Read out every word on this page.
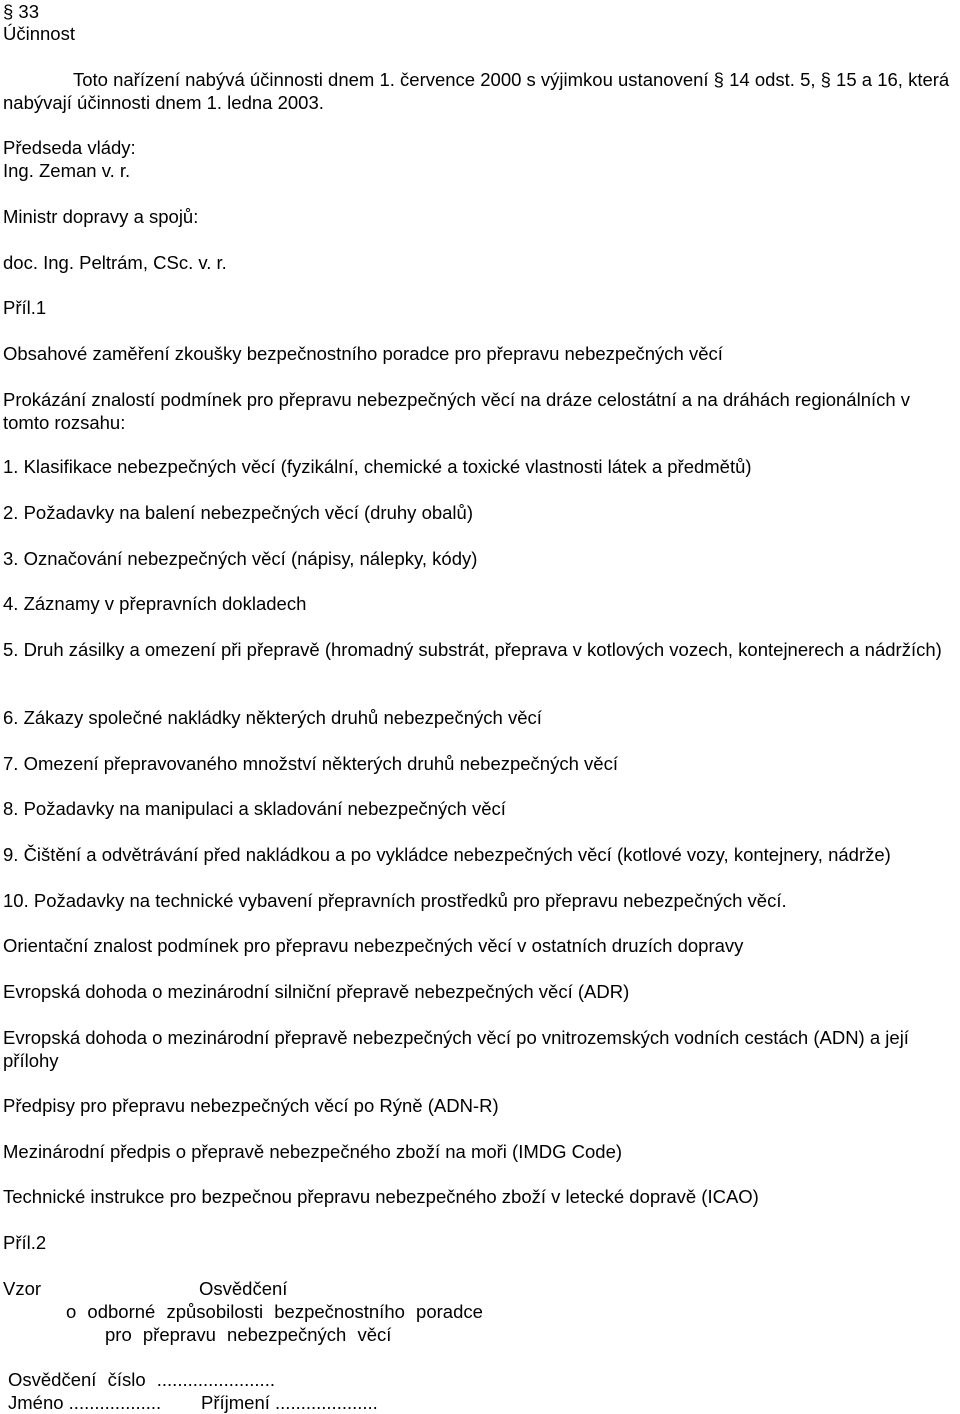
§ 33
Účinnost
Toto nařízení nabývá účinnosti dnem 1. července 2000 s výjimkou ustanovení § 14 odst. 5, § 15 a 16, která nabývají účinnosti dnem 1. ledna 2003.
Předseda vlády:
Ing. Zeman v. r.
Ministr dopravy a spojů:
doc. Ing. Peltrám, CSc. v. r.
Příl.1
Obsahové zaměření zkoušky bezpečnostního poradce pro přepravu nebezpečných věcí
Prokázání znalostí podmínek pro přepravu nebezpečných věcí na dráze celostátní a na dráhách regionálních v tomto rozsahu:
1. Klasifikace nebezpečných věcí (fyzikální, chemické a toxické vlastnosti látek a předmětů)
2. Požadavky na balení nebezpečných věcí (druhy obalů)
3. Označování nebezpečných věcí (nápisy, nálepky, kódy)
4. Záznamy v přepravních dokladech
5. Druh zásilky a omezení při přepravě (hromadný substrát, přeprava v kotlových vozech, kontejnerech a nádržích)
6. Zákazy společné nakládky některých druhů nebezpečných věcí
7. Omezení přepravovaného množství některých druhů nebezpečných věcí
8. Požadavky na manipulaci a skladování nebezpečných věcí
9. Čištění a odvětrávání před nakládkou a po vykládce nebezpečných věcí (kotlové vozy, kontejnery, nádrže)
10. Požadavky na technické vybavení přepravních prostředků pro přepravu nebezpečných věcí.
Orientační znalost podmínek pro přepravu nebezpečných věcí v ostatních druzích dopravy
Evropská dohoda o mezinárodní silniční přepravě nebezpečných věcí (ADR)
Evropská dohoda o mezinárodní přepravě nebezpečných věcí po vnitrozemských vodních cestách (ADN) a její přílohy
Předpisy pro přepravu nebezpečných věcí po Rýně (ADN-R)
Mezinárodní předpis o přepravě nebezpečného zboží na moři (IMDG Code)
Technické instrukce pro bezpečnou přepravu nebezpečného zboží v letecké dopravě (ICAO)
Příl.2
Vzor	Osvědčení
o odborné způsobilosti bezpečnostního poradce
pro přepravu nebezpečných věcí
Osvědčení číslo .......................
Jméno .................. Příjmení ....................
